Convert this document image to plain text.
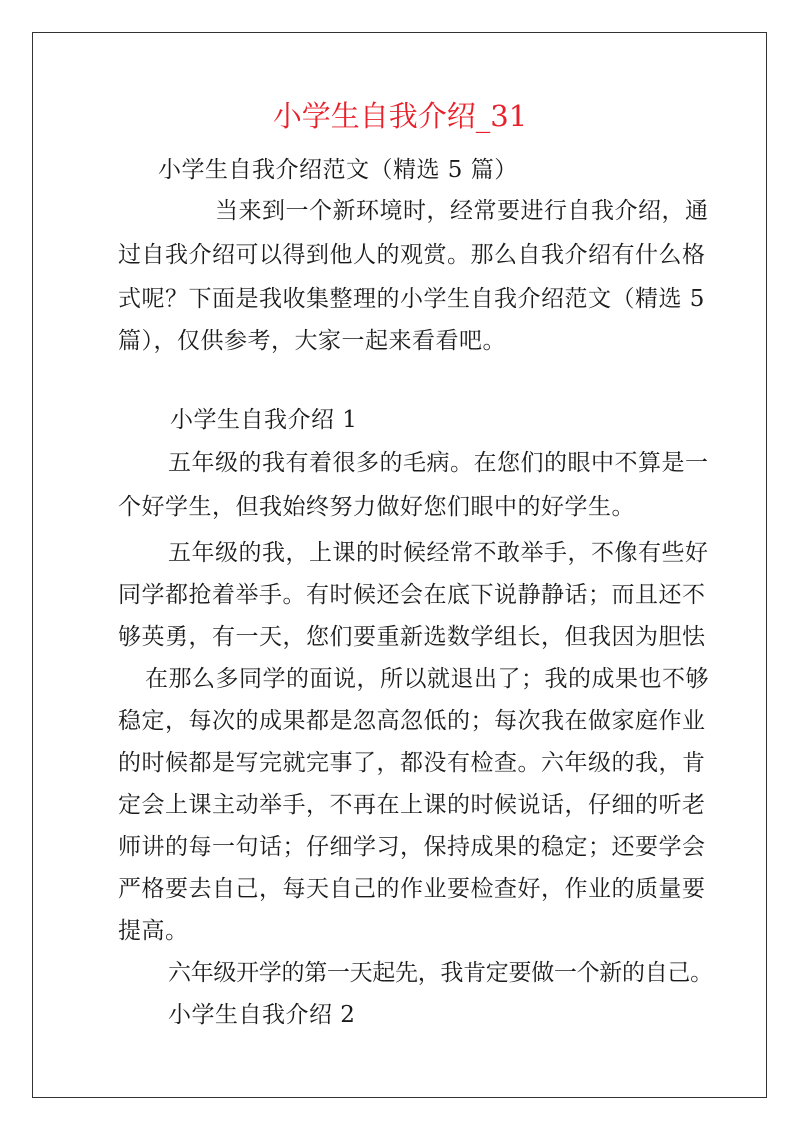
小学生自我介绍_31
小学生自我介绍范文（精选 5 篇）
当来到一个新环境时，经常要进行自我介绍，通
过自我介绍可以得到他人的观赏。那么自我介绍有什么格
式呢？下面是我收集整理的小学生自我介绍范文（精选 5
篇），仅供参考，大家一起来看看吧。
小学生自我介绍 1
五年级的我有着很多的毛病。在您们的眼中不算是一
个好学生，但我始终努力做好您们眼中的好学生。
五年级的我，上课的时候经常不敢举手，不像有些好
同学都抢着举手。有时候还会在底下说静静话；而且还不
够英勇，有一天，您们要重新选数学组长，但我因为胆怯
在那么多同学的面说，所以就退出了；我的成果也不够
稳定，每次的成果都是忽高忽低的；每次我在做家庭作业
的时候都是写完就完事了，都没有检查。六年级的我，肯
定会上课主动举手，不再在上课的时候说话，仔细的听老
师讲的每一句话；仔细学习，保持成果的稳定；还要学会
严格要去自己，每天自己的作业要检查好，作业的质量要
提高。
六年级开学的第一天起先，我肯定要做一个新的自己。
小学生自我介绍 2
